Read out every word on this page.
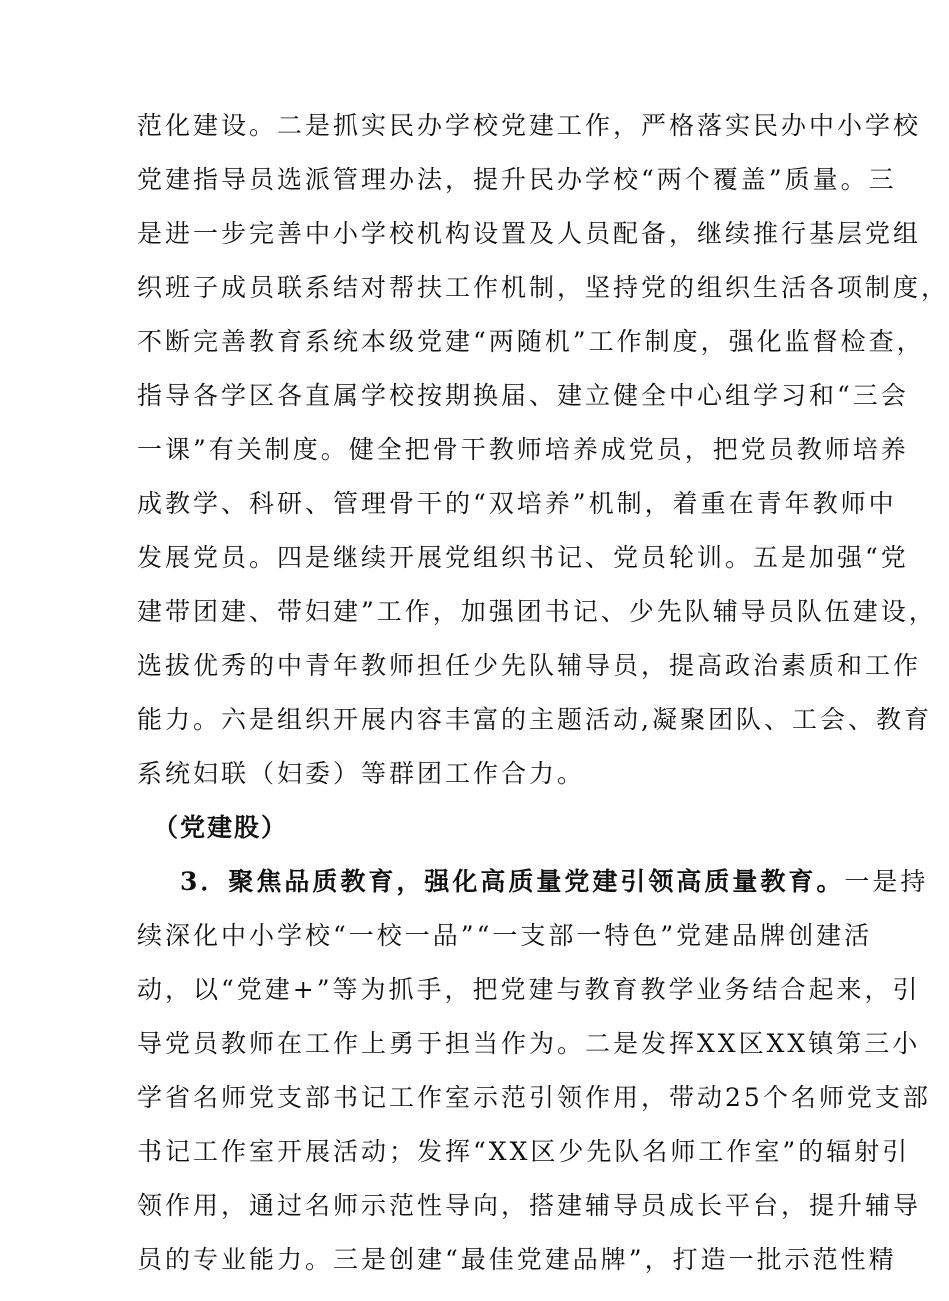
范化建设。二是抓实民办学校党建工作，严格落实民办中小学校
党建指导员选派管理办法，提升民办学校“两个覆盖”质量。三
是进一步完善中小学校机构设置及人员配备，继续推行基层党组
织班子成员联系结对帮扶工作机制，坚持党的组织生活各项制度，
不断完善教育系统本级党建“两随机”工作制度，强化监督检查，
指导各学区各直属学校按期换届、建立健全中心组学习和“三会
一课”有关制度。健全把骨干教师培养成党员，把党员教师培养
成教学、科研、管理骨干的“双培养”机制，着重在青年教师中
发展党员。四是继续开展党组织书记、党员轮训。五是加强“党
建带团建、带妇建”工作，加强团书记、少先队辅导员队伍建设，
选拔优秀的中青年教师担任少先队辅导员，提高政治素质和工作
能力。六是组织开展内容丰富的主题活动,凝聚团队、工会、教育
系统妇联（妇委）等群团工作合力。
（党建股）
3．聚焦品质教育，强化高质量党建引领高质量教育。一是持
续深化中小学校“一校一品”“一支部一特色”党建品牌创建活
动，以“党建+”等为抓手，把党建与教育教学业务结合起来，引
导党员教师在工作上勇于担当作为。二是发挥XX区XX镇第三小
学省名师党支部书记工作室示范引领作用，带动25个名师党支部
书记工作室开展活动；发挥“XX区少先队名师工作室”的辐射引
领作用，通过名师示范性导向，搭建辅导员成长平台，提升辅导
员的专业能力。三是创建“最佳党建品牌”，打造一批示范性精
